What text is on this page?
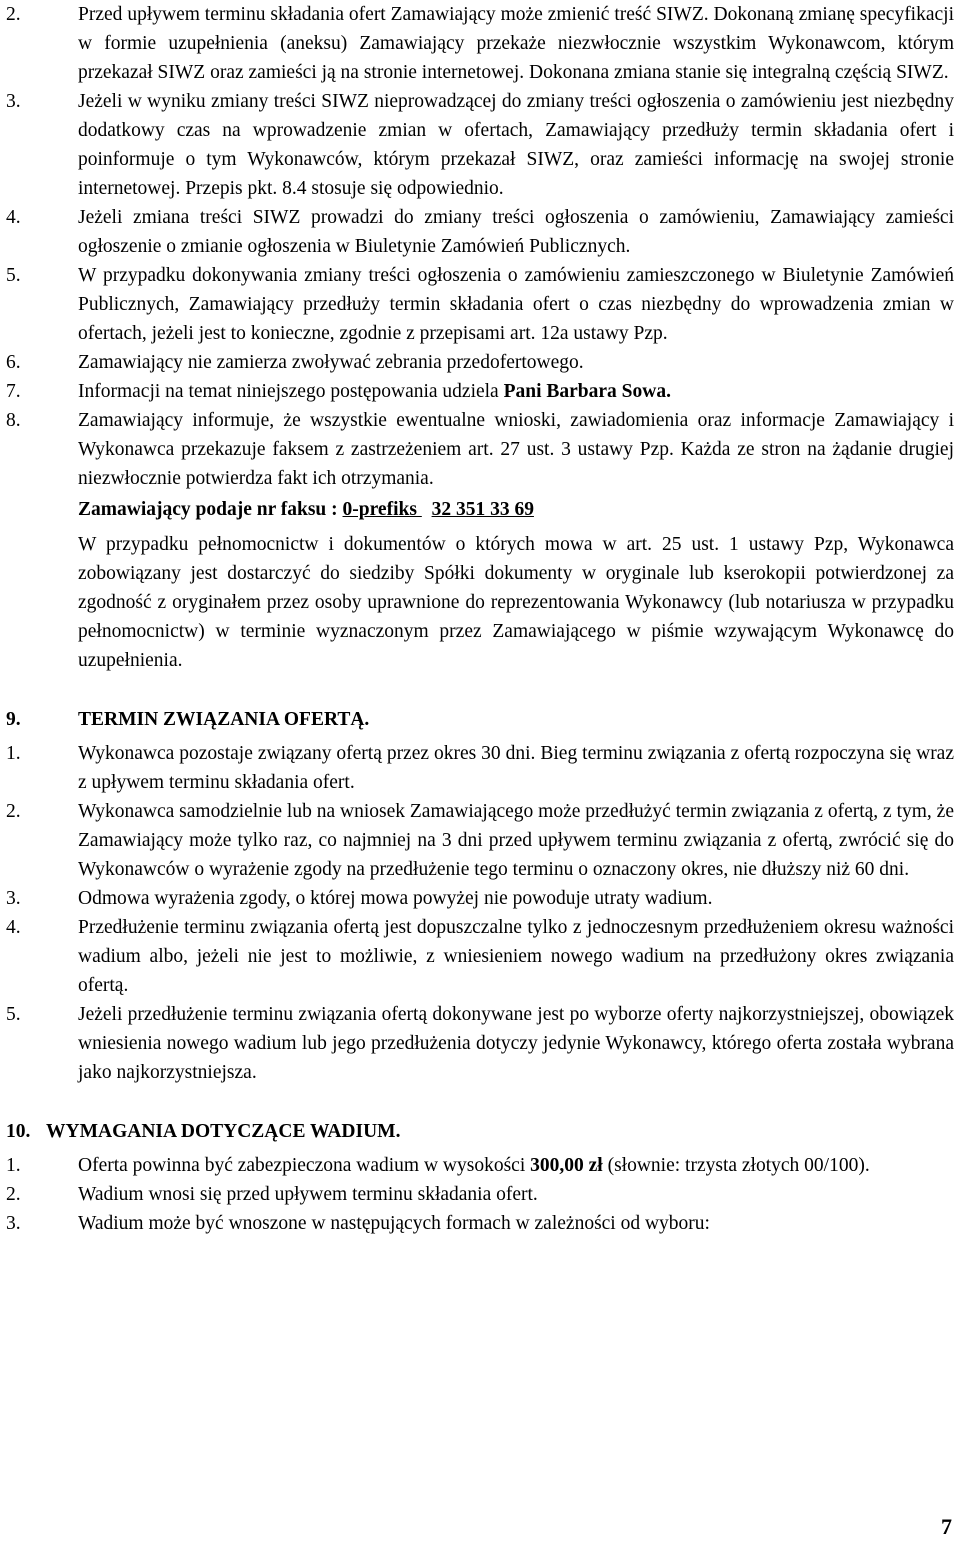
2.	Przed upływem terminu składania ofert Zamawiający może zmienić treść SIWZ. Dokonaną zmianę specyfikacji w formie uzupełnienia (aneksu) Zamawiający przekaże niezwłocznie wszystkim Wykonawcom, którym przekazał SIWZ oraz zamieści ją na stronie internetowej. Dokonana zmiana stanie się integralną częścią SIWZ.
3.	Jeżeli w wyniku zmiany treści SIWZ nieprowadzącej do zmiany treści ogłoszenia o zamówieniu jest niezbędny dodatkowy czas na wprowadzenie zmian w ofertach, Zamawiający przedłuży termin składania ofert i poinformuje o tym Wykonawców, którym przekazał SIWZ, oraz zamieści informację na swojej stronie internetowej. Przepis pkt. 8.4 stosuje się odpowiednio.
4.	Jeżeli zmiana treści SIWZ prowadzi do zmiany treści ogłoszenia o zamówieniu, Zamawiający zamieści ogłoszenie o zmianie ogłoszenia w Biuletynie Zamówień Publicznych.
5.	W przypadku dokonywania zmiany treści ogłoszenia o zamówieniu zamieszczonego w Biuletynie Zamówień Publicznych, Zamawiający przedłuży termin składania ofert o czas niezbędny do wprowadzenia zmian w ofertach, jeżeli jest to konieczne, zgodnie z przepisami art. 12a ustawy Pzp.
6.	Zamawiający nie zamierza zwoływać zebrania przedofertowego.
7.	Informacji na temat niniejszego postępowania udziela Pani Barbara Sowa.
8.	Zamawiający informuje, że wszystkie ewentualne wnioski, zawiadomienia oraz informacje Zamawiający i Wykonawca przekazuje faksem z zastrzeżeniem art. 27 ust. 3 ustawy Pzp. Każda ze stron na żądanie drugiej niezwłocznie potwierdza fakt ich otrzymania.
Zamawiający podaje nr faksu : 0-prefiks   32 351 33 69
W przypadku pełnomocnictw i dokumentów o których mowa w art. 25 ust. 1 ustawy Pzp, Wykonawca zobowiązany jest dostarczyć do siedziby Spółki dokumenty w oryginale lub kserokopii potwierdzonej za zgodność z oryginałem przez osoby uprawnione do reprezentowania Wykonawcy (lub notariusza w przypadku pełnomocnictw) w terminie wyznaczonym przez Zamawiającego w piśmie wzywającym Wykonawcę do uzupełnienia.
9.	TERMIN ZWIĄZANIA OFERTĄ.
1.	Wykonawca pozostaje związany ofertą przez okres 30 dni. Bieg terminu związania z ofertą rozpoczyna się wraz z upływem terminu składania ofert.
2.	Wykonawca samodzielnie lub na wniosek Zamawiającego może przedłużyć termin związania z ofertą, z tym, że Zamawiający może tylko raz, co najmniej na 3 dni przed upływem terminu związania z ofertą, zwrócić się do Wykonawców o wyrażenie zgody na przedłużenie tego terminu o oznaczony okres, nie dłuższy niż 60 dni.
3.	Odmowa wyrażenia zgody, o której mowa powyżej nie powoduje utraty wadium.
4.	Przedłużenie terminu związania ofertą jest dopuszczalne tylko z jednoczesnym przedłużeniem okresu ważności wadium albo, jeżeli nie jest to możliwie, z wniesieniem nowego wadium na przedłużony okres związania ofertą.
5.	Jeżeli przedłużenie terminu związania ofertą dokonywane jest po wyborze oferty najkorzystniejszej, obowiązek wniesienia nowego wadium lub jego przedłużenia dotyczy jedynie Wykonawcy, którego oferta została wybrana jako najkorzystniejsza.
10. WYMAGANIA DOTYCZĄCE WADIUM.
1.	Oferta powinna być zabezpieczona wadium w wysokości 300,00 zł (słownie: trzysta złotych 00/100).
2.	Wadium wnosi się przed upływem terminu składania ofert.
3.	Wadium może być wnoszone w następujących formach w zależności od wyboru:
7
